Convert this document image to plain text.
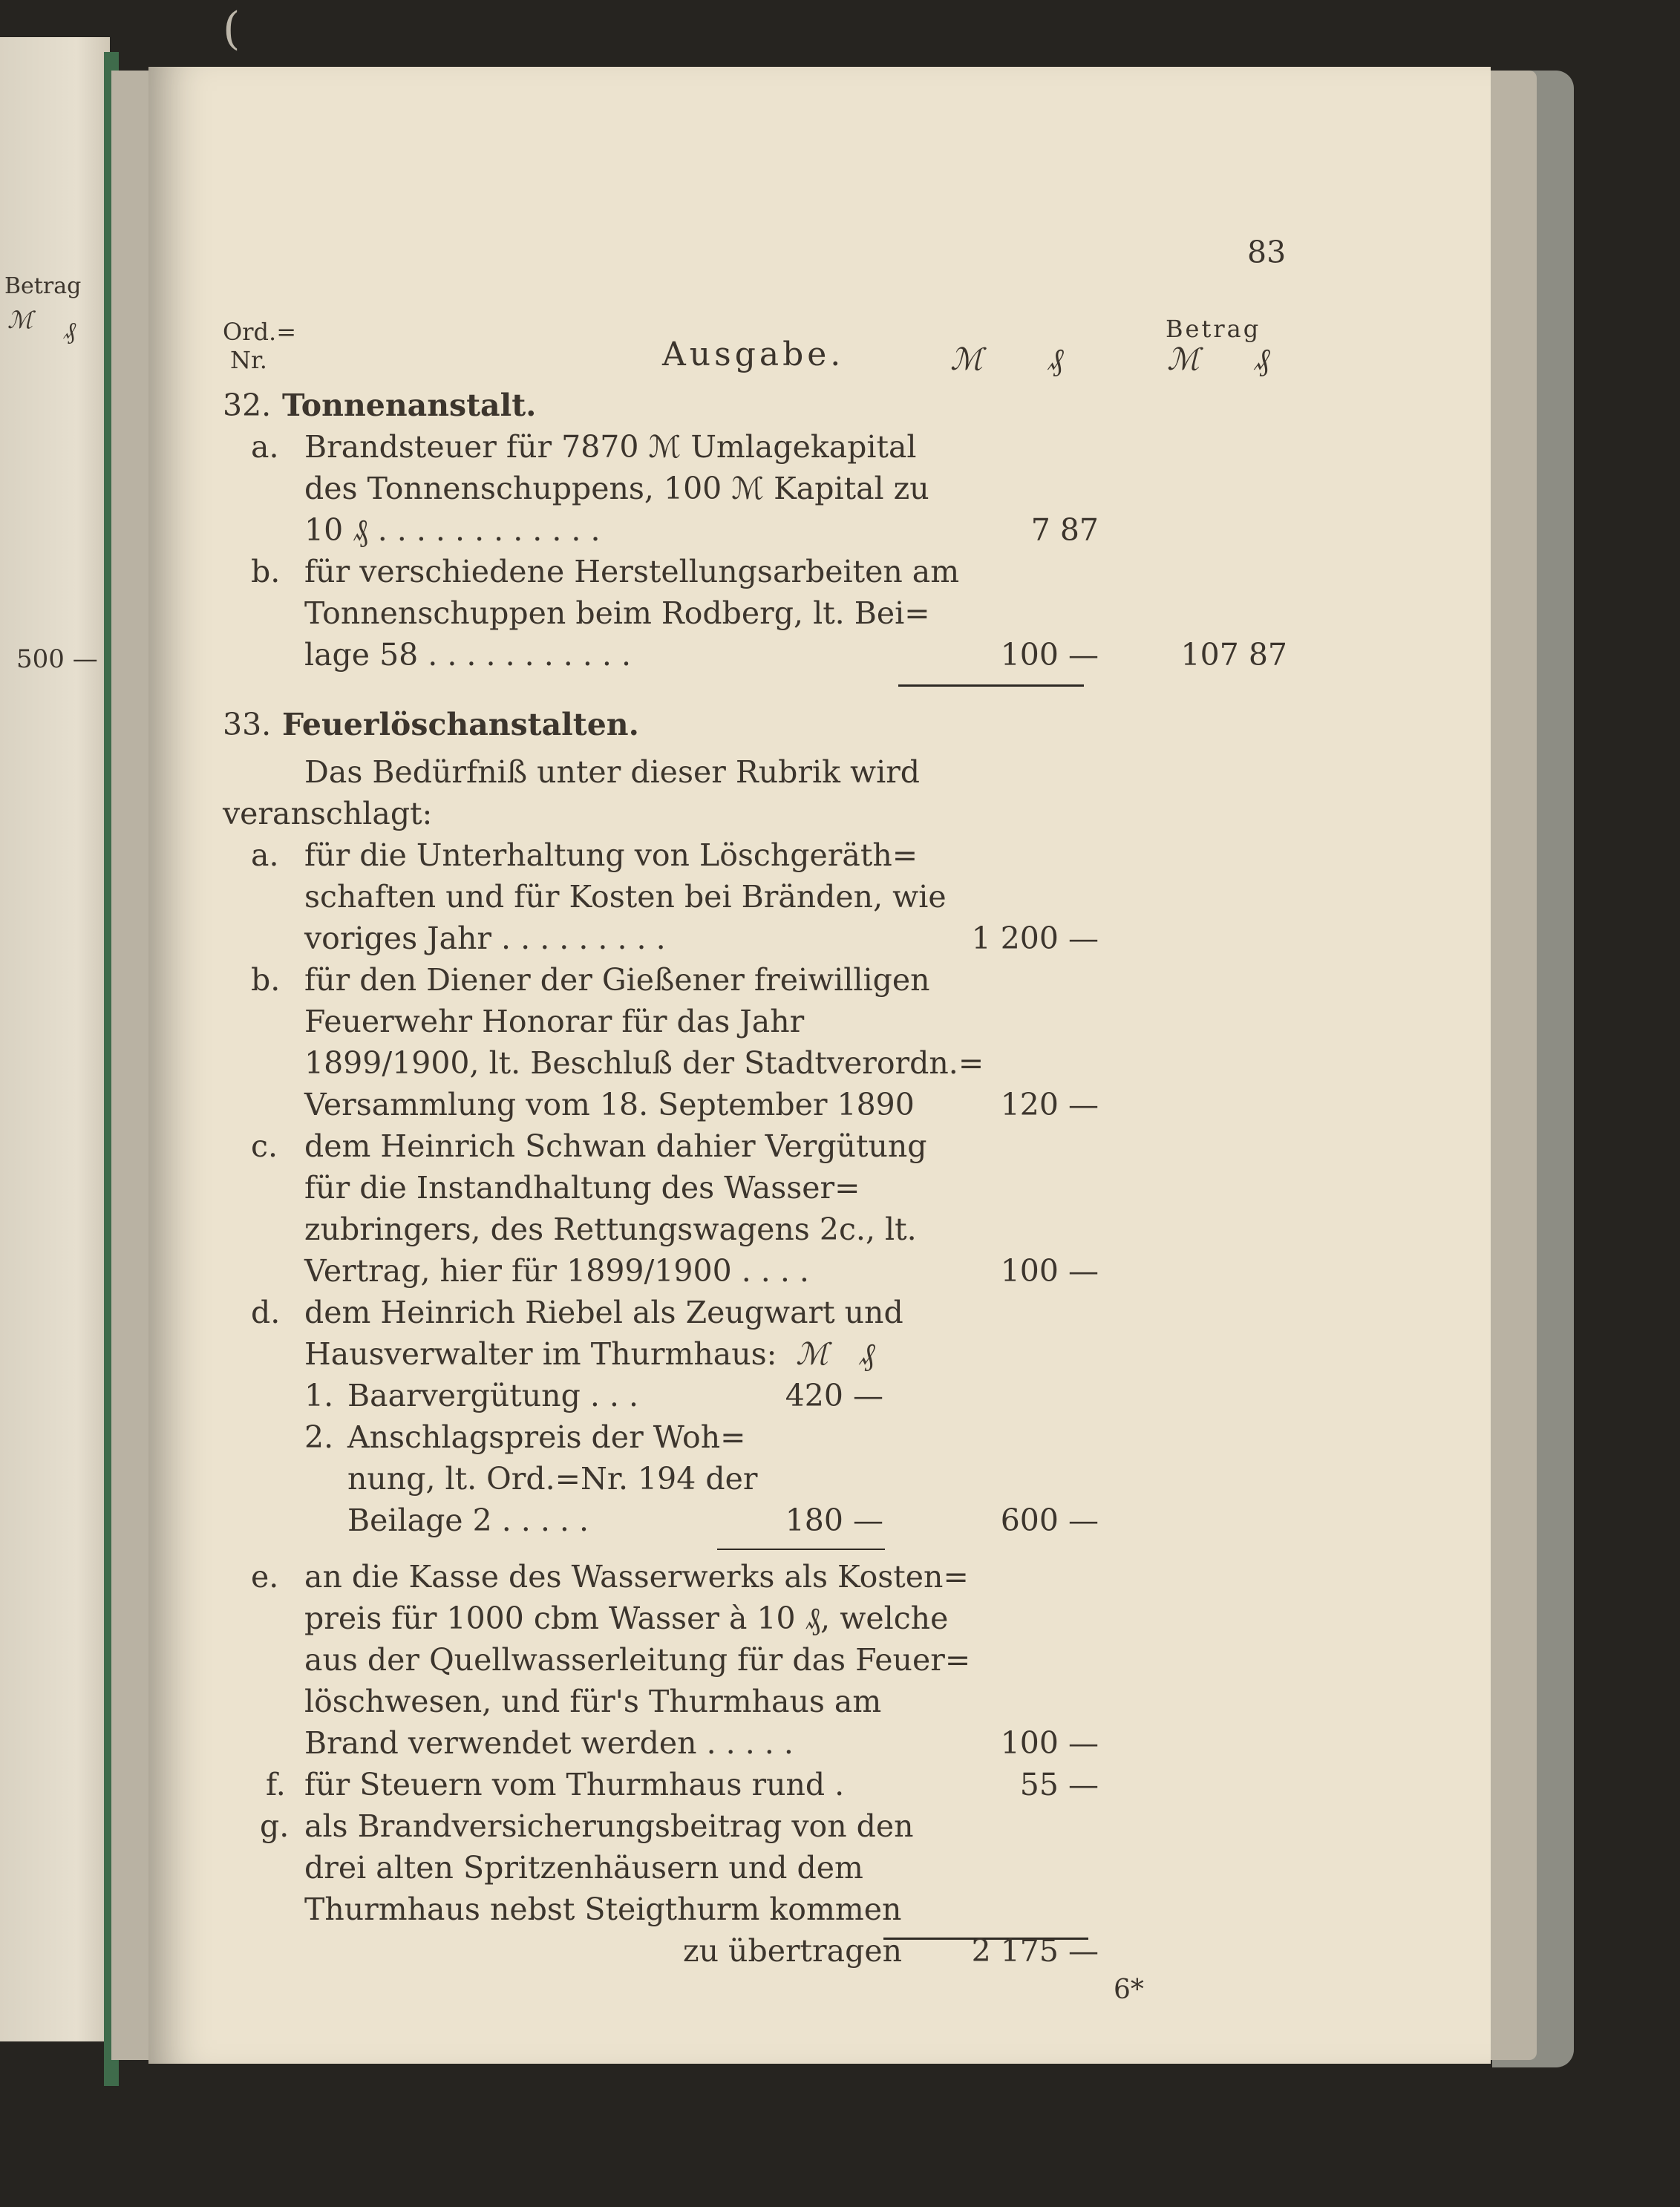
Betrag
ℳ ₰
500 —
(
83
Ord.=
Nr.	Ausgabe.	ℳ ₰
Betrag
ℳ ₰
32. Tonnenanstalt.
a. Brandsteuer für 7870 ℳ Umlagekapital
des Tonnenschuppens, 100 ℳ Kapital zu
10 ₰ . . . . . . . . . . . .	7 87
b. für verschiedene Herstellungsarbeiten am
Tonnenschuppen beim Rodberg, lt. Bei=
lage 58 . . . . . . . . . . .	100 —	107 87
33. Feuerlöschanstalten.
Das Bedürfniß unter dieser Rubrik wird
veranschlagt:
a. für die Unterhaltung von Löschgeräth=
schaften und für Kosten bei Bränden, wie
voriges Jahr . . . . . . . . .	1 200 —
b. für den Diener der Gießener freiwilligen
Feuerwehr Honorar für das Jahr
1899/1900, lt. Beschluß der Stadtverordn.=
Versammlung vom 18. September 1890	120 —
c. dem Heinrich Schwan dahier Vergütung
für die Instandhaltung des Wasser=
zubringers, des Rettungswagens 2c., lt.
Vertrag, hier für 1899/1900 . . . .	100 —
d. dem Heinrich Riebel als Zeugwart und
Hausverwalter im Thurmhaus: ℳ ₰
1. Baarvergütung . . .	420 —
2. Anschlagspreis der Woh=
nung, lt. Ord.=Nr. 194 der
Beilage 2 . . . . .	180 —	600 —
e. an die Kasse des Wasserwerks als Kosten=
preis für 1000 cbm Wasser à 10 ₰, welche
aus der Quellwasserleitung für das Feuer=
löschwesen, und für's Thurmhaus am
Brand verwendet werden . . . . .	100 —
f. für Steuern vom Thurmhaus rund .	55 —
g. als Brandversicherungsbeitrag von den
drei alten Spritzenhäusern und dem
Thurmhaus nebst Steigthurm kommen
zu übertragen	2 175 —
6*
